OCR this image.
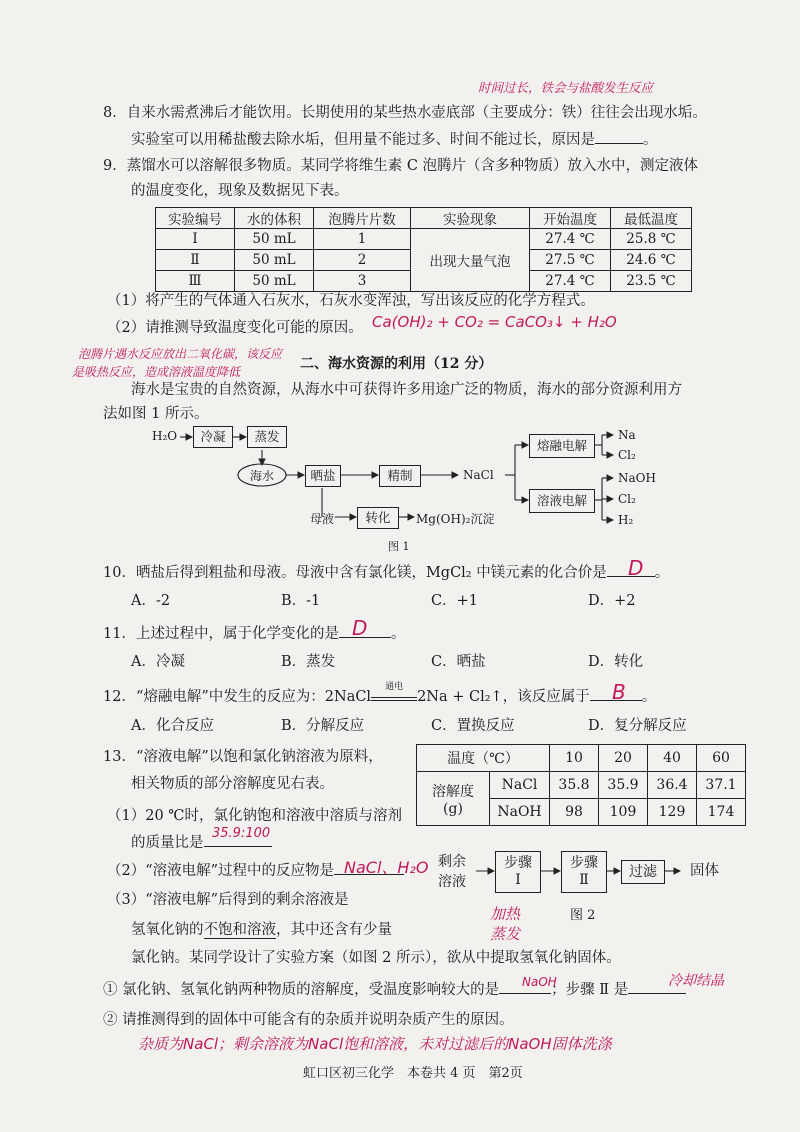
时间过长，铁会与盐酸发生反应
8．自来水需煮沸后才能饮用。长期使用的某些热水壶底部（主要成分：铁）往往会出现水垢。
实验室可以用稀盐酸去除水垢，但用量不能过多、时间不能过长，原因是	。
9．蒸馏水可以溶解很多物质。某同学将维生素 C 泡腾片（含多种物质）放入水中，测定液体
的温度变化，现象及数据见下表。
实验编号	水的体积	泡腾片片数	实验现象	开始温度	最低温度
Ⅰ	50 mL	1	出现大量气泡	27.4 ℃	25.8 ℃
Ⅱ	50 mL	2		27.5 ℃	24.6 ℃
Ⅲ	50 mL	3		27.4 ℃	23.5 ℃
（1）将产生的气体通入石灰水，石灰水变浑浊，写出该反应的化学方程式。
（2）请推测导致温度变化可能的原因。 Ca(OH)₂ + CO₂ = CaCO₃↓ + H₂O
泡腾片遇水反应放出二氧化碳，该反应
是吸热反应，造成溶液温度降低	二、海水资源的利用（12 分）
海水是宝贵的自然资源，从海水中可获得许多用途广泛的物质，海水的部分资源利用方
法如图 1 所示。
H₂O	冷凝	蒸发
海水	晒盐	精制	NaCl
熔融电解
溶液电解
Na
Cl₂
NaOH
Cl₂
H₂
母液	转化	Mg(OH)₂沉淀
图 1
10．晒盐后得到粗盐和母液。母液中含有氯化镁，MgCl₂ 中镁元素的化合价是	。
D
A．-2	B．-1	C．+1	D．+2
11．上述过程中，属于化学变化的是	。
D
A．冷凝	B．蒸发	C．晒盐	D．转化
12．“熔融电解”中发生的反应为：2NaCl
通电
2Na + Cl₂↑，该反应属于	。
B
A．化合反应	B．分解反应	C．置换反应	D．复分解反应
13．“溶液电解”以饱和氯化钠溶液为原料，
相关物质的部分溶解度见右表。
温度（℃）		10	20	40	60

溶解度
(g)	NaCl	35.8	35.9	36.4	37.1
	NaOH	98	109	129	174
（1）20 ℃时，氯化钠饱和溶液中溶质与溶剂
的质量比是
35.9:100
（2）“溶液电解”过程中的反应物是 NaCl、H₂O
（3）“溶液电解”后得到的剩余溶液是
氢氧化钠的不饱和溶液，其中还含有少量
氯化钠。某同学设计了实验方案（如图 2 所示），欲从中提取氢氧化钠固体。
剩余
溶液
步骤
Ⅰ
步骤
Ⅱ	过滤	固体
图 2
加热蒸发
① 氯化钠、氢氧化钠两种物质的溶解度，受温度影响较大的是	；步骤 Ⅱ 是
NaOH	冷却结晶
② 请推测得到的固体中可能含有的杂质并说明杂质产生的原因。
杂质为NaCl；剩余溶液为NaCl饱和溶液，未对过滤后的NaOH固体洗涤
虹口区初三化学　本卷共 4 页　第2页
